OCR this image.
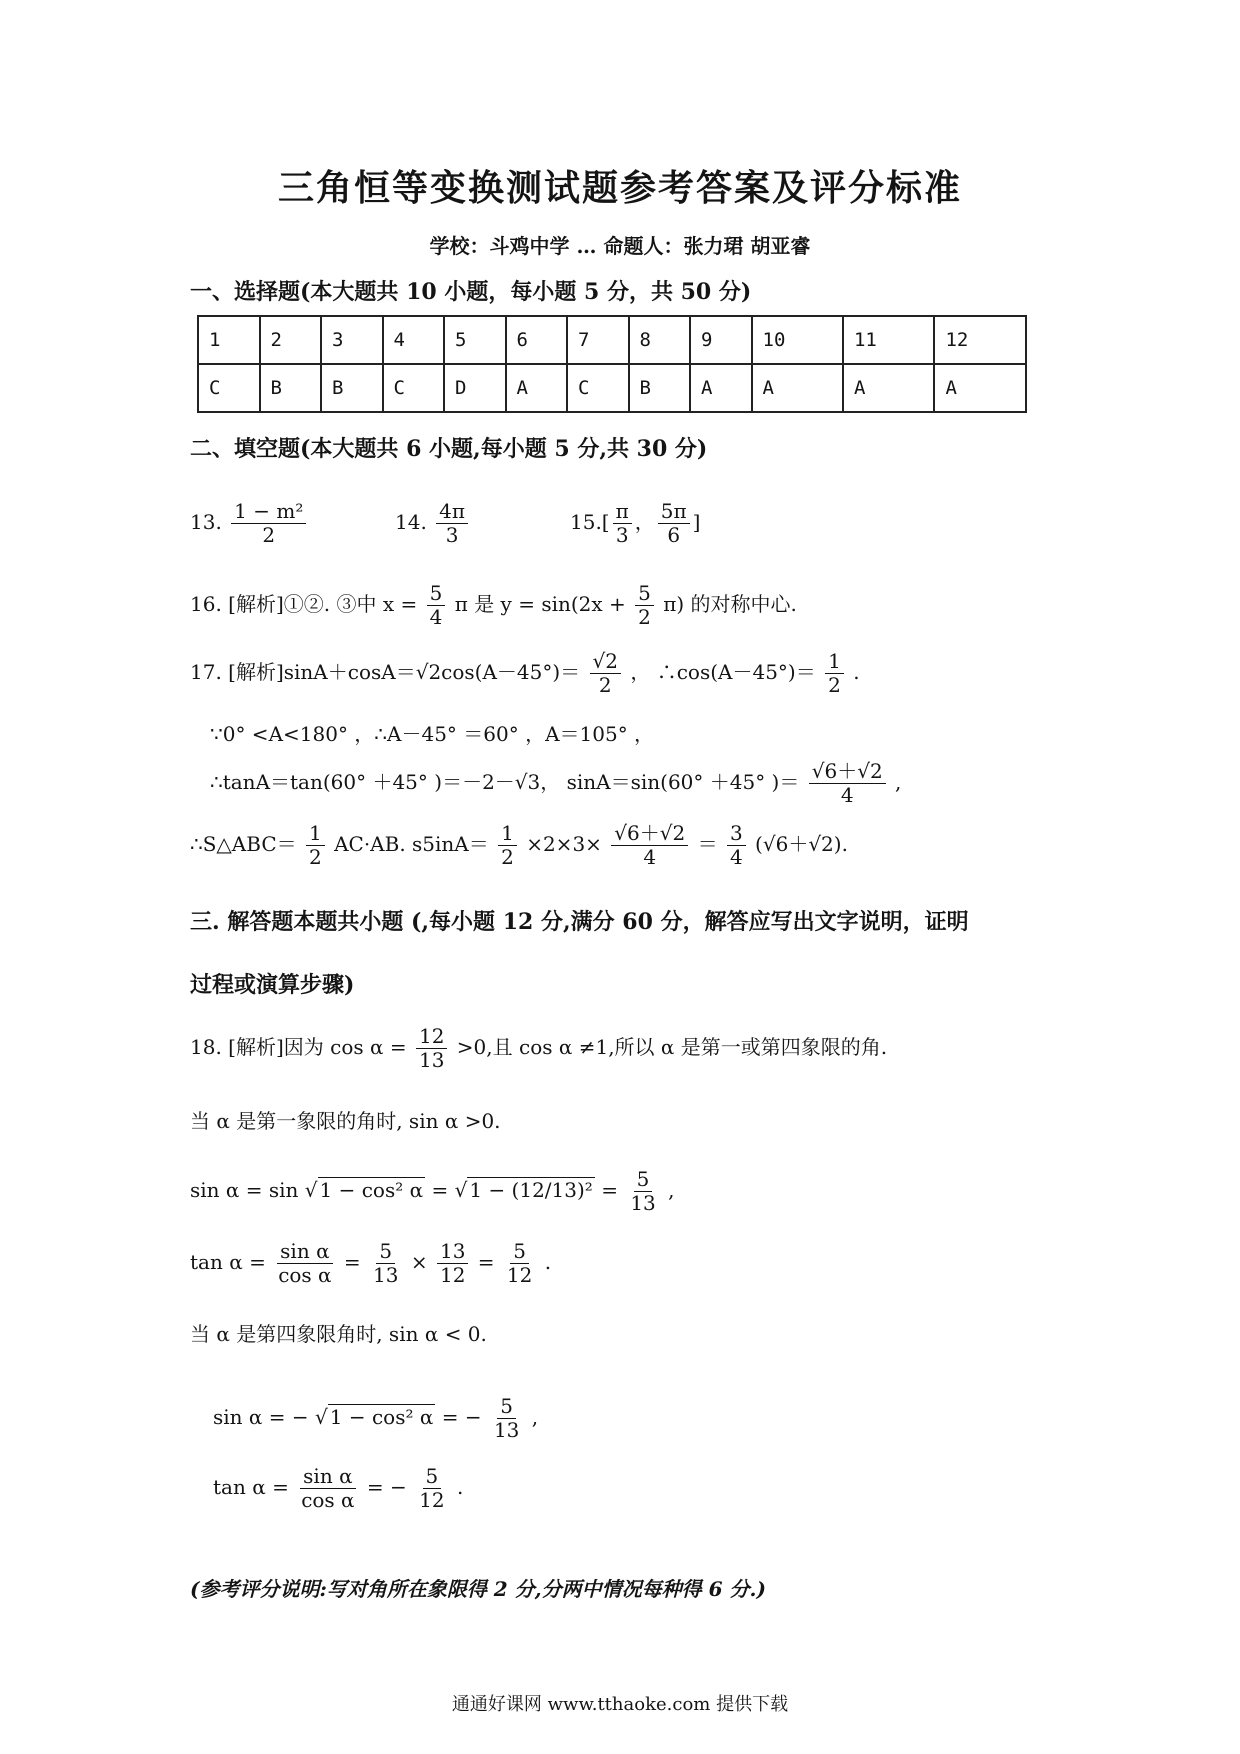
三角恒等变换测试题参考答案及评分标准
学校：斗鸡中学 … 命题人：张力珺 胡亚睿
一、选择题(本大题共 10 小题，每小题 5 分，共 50 分)
1	2	3	4	5	6	7	8	9	10	11	12
C	B	B	C	D	A	C	B	A	A	A	A
二、填空题(本大题共 6 小题,每小题 5 分,共 30 分)
13. $\frac{\text{1 − m²}}{2}$	14. $\frac{4\pi}{3}$	$15.[ \frac{\pi}{3}$ ， $\frac{5\pi}{6}$ ]
16. [解析]①②. ③中 $x = \frac{5}{4}$ π 是 $y = \sin(2x + \frac{5}{2} \pi)$ 的对称中心.
17. [解析]$\sin A+\cos A=√2\cos(A-45^\circ)= \frac{√2}{2}$ ， ∴cos(A－45°)＝ $\frac{1}{2}$ .
∵0° <A<180° ，∴A－45° ＝60° ，A＝105° ，
∴tanA＝tan(60° ＋45° )＝－2－√3， sinA＝sin(60° ＋45° )＝ $\frac{√6+√2}{4}$ ,
∴S△ABC＝ $\frac{1}{2} AC\cdot AB$. $s5inA= \frac{1}{2} \times 2\times 3\times \frac{√6+√2}{4} = \frac{3}{4} (√6+√2)$.
三. 解答题本题共小题 (,每小题 12 分,满分 60 分，解答应写出文字说明，证明
过程或演算步骤)
18. [解析]因为 $\cos \alpha = \frac{12}{13} >0$,且 cos α ≠1,所以 α 是第一或第四象限的角.
当 α 是第一象限的角时, sin α >0.
sin α = sin √ 1 − cos² α = √ $1 - (12/13)^2 = \frac{5}{13}$ ,
$\tan \alpha = \frac{\text{sin α}}{\text{cos α}} = \frac{5}{13} \times \frac{13}{12} = \frac{5}{12}$ .
当 α 是第四象限角时, sin α < 0.
sin α = − √ 1 − cos² α = − $\frac{5}{13}$ ,
$\tan \alpha = \frac{\text{sin α}}{\text{cos α}}$ = − $\frac{5}{12}$ .
(参考评分说明:写对角所在象限得 2 分,分两中情况每种得 6 分.)
通通好课网 www.tthaoke.com 提供下载
